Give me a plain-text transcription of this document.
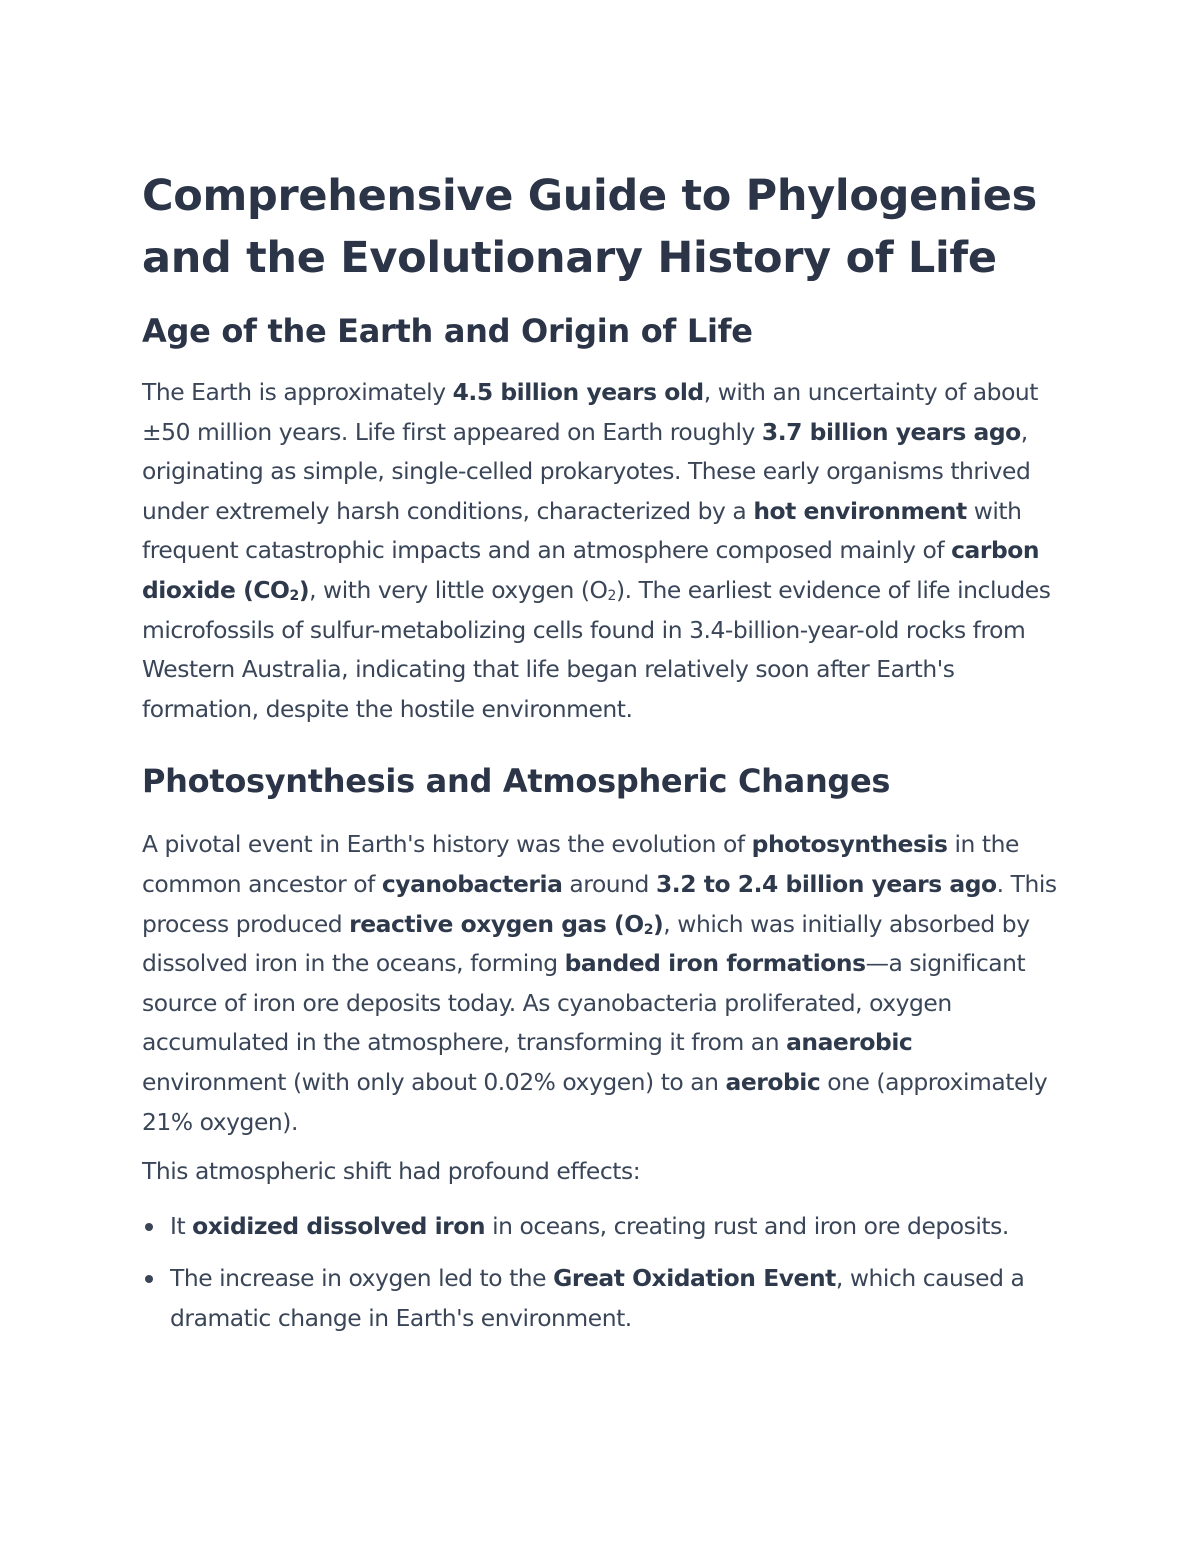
Comprehensive Guide to Phylogenies and the Evolutionary History of Life
Age of the Earth and Origin of Life

The Earth is approximately 4.5 billion years old, with an uncertainty of about ±50 million years. Life first appeared on Earth roughly 3.7 billion years ago, originating as simple, single-celled prokaryotes. These early organisms thrived under extremely harsh conditions, characterized by a hot environment with frequent catastrophic impacts and an atmosphere composed mainly of carbon dioxide $(CO_2)$, with very little oxygen $(O_2)$. The earliest evidence of life includes microfossils of sulfur-metabolizing cells found in 3.4-billion-year-old rocks from Western Australia, indicating that life began relatively soon after Earth's formation, despite the hostile environment.

Photosynthesis and Atmospheric Changes

A pivotal event in Earth's history was the evolution of photosynthesis in the common ancestor of cyanobacteria around 3.2 to 2.4 billion years ago. This process produced reactive oxygen gas $(O_2)$, which was initially absorbed by dissolved iron in the oceans, forming banded iron formations—a significant source of iron ore deposits today. As cyanobacteria proliferated, oxygen accumulated in the atmosphere, transforming it from an anaerobic environment (with only about 0.02% oxygen) to an aerobic one (approximately 21% oxygen).

This atmospheric shift had profound effects:

It oxidized dissolved iron in oceans, creating rust and iron ore deposits.
The increase in oxygen led to the Great Oxidation Event, which caused a dramatic change in Earth's environment.
